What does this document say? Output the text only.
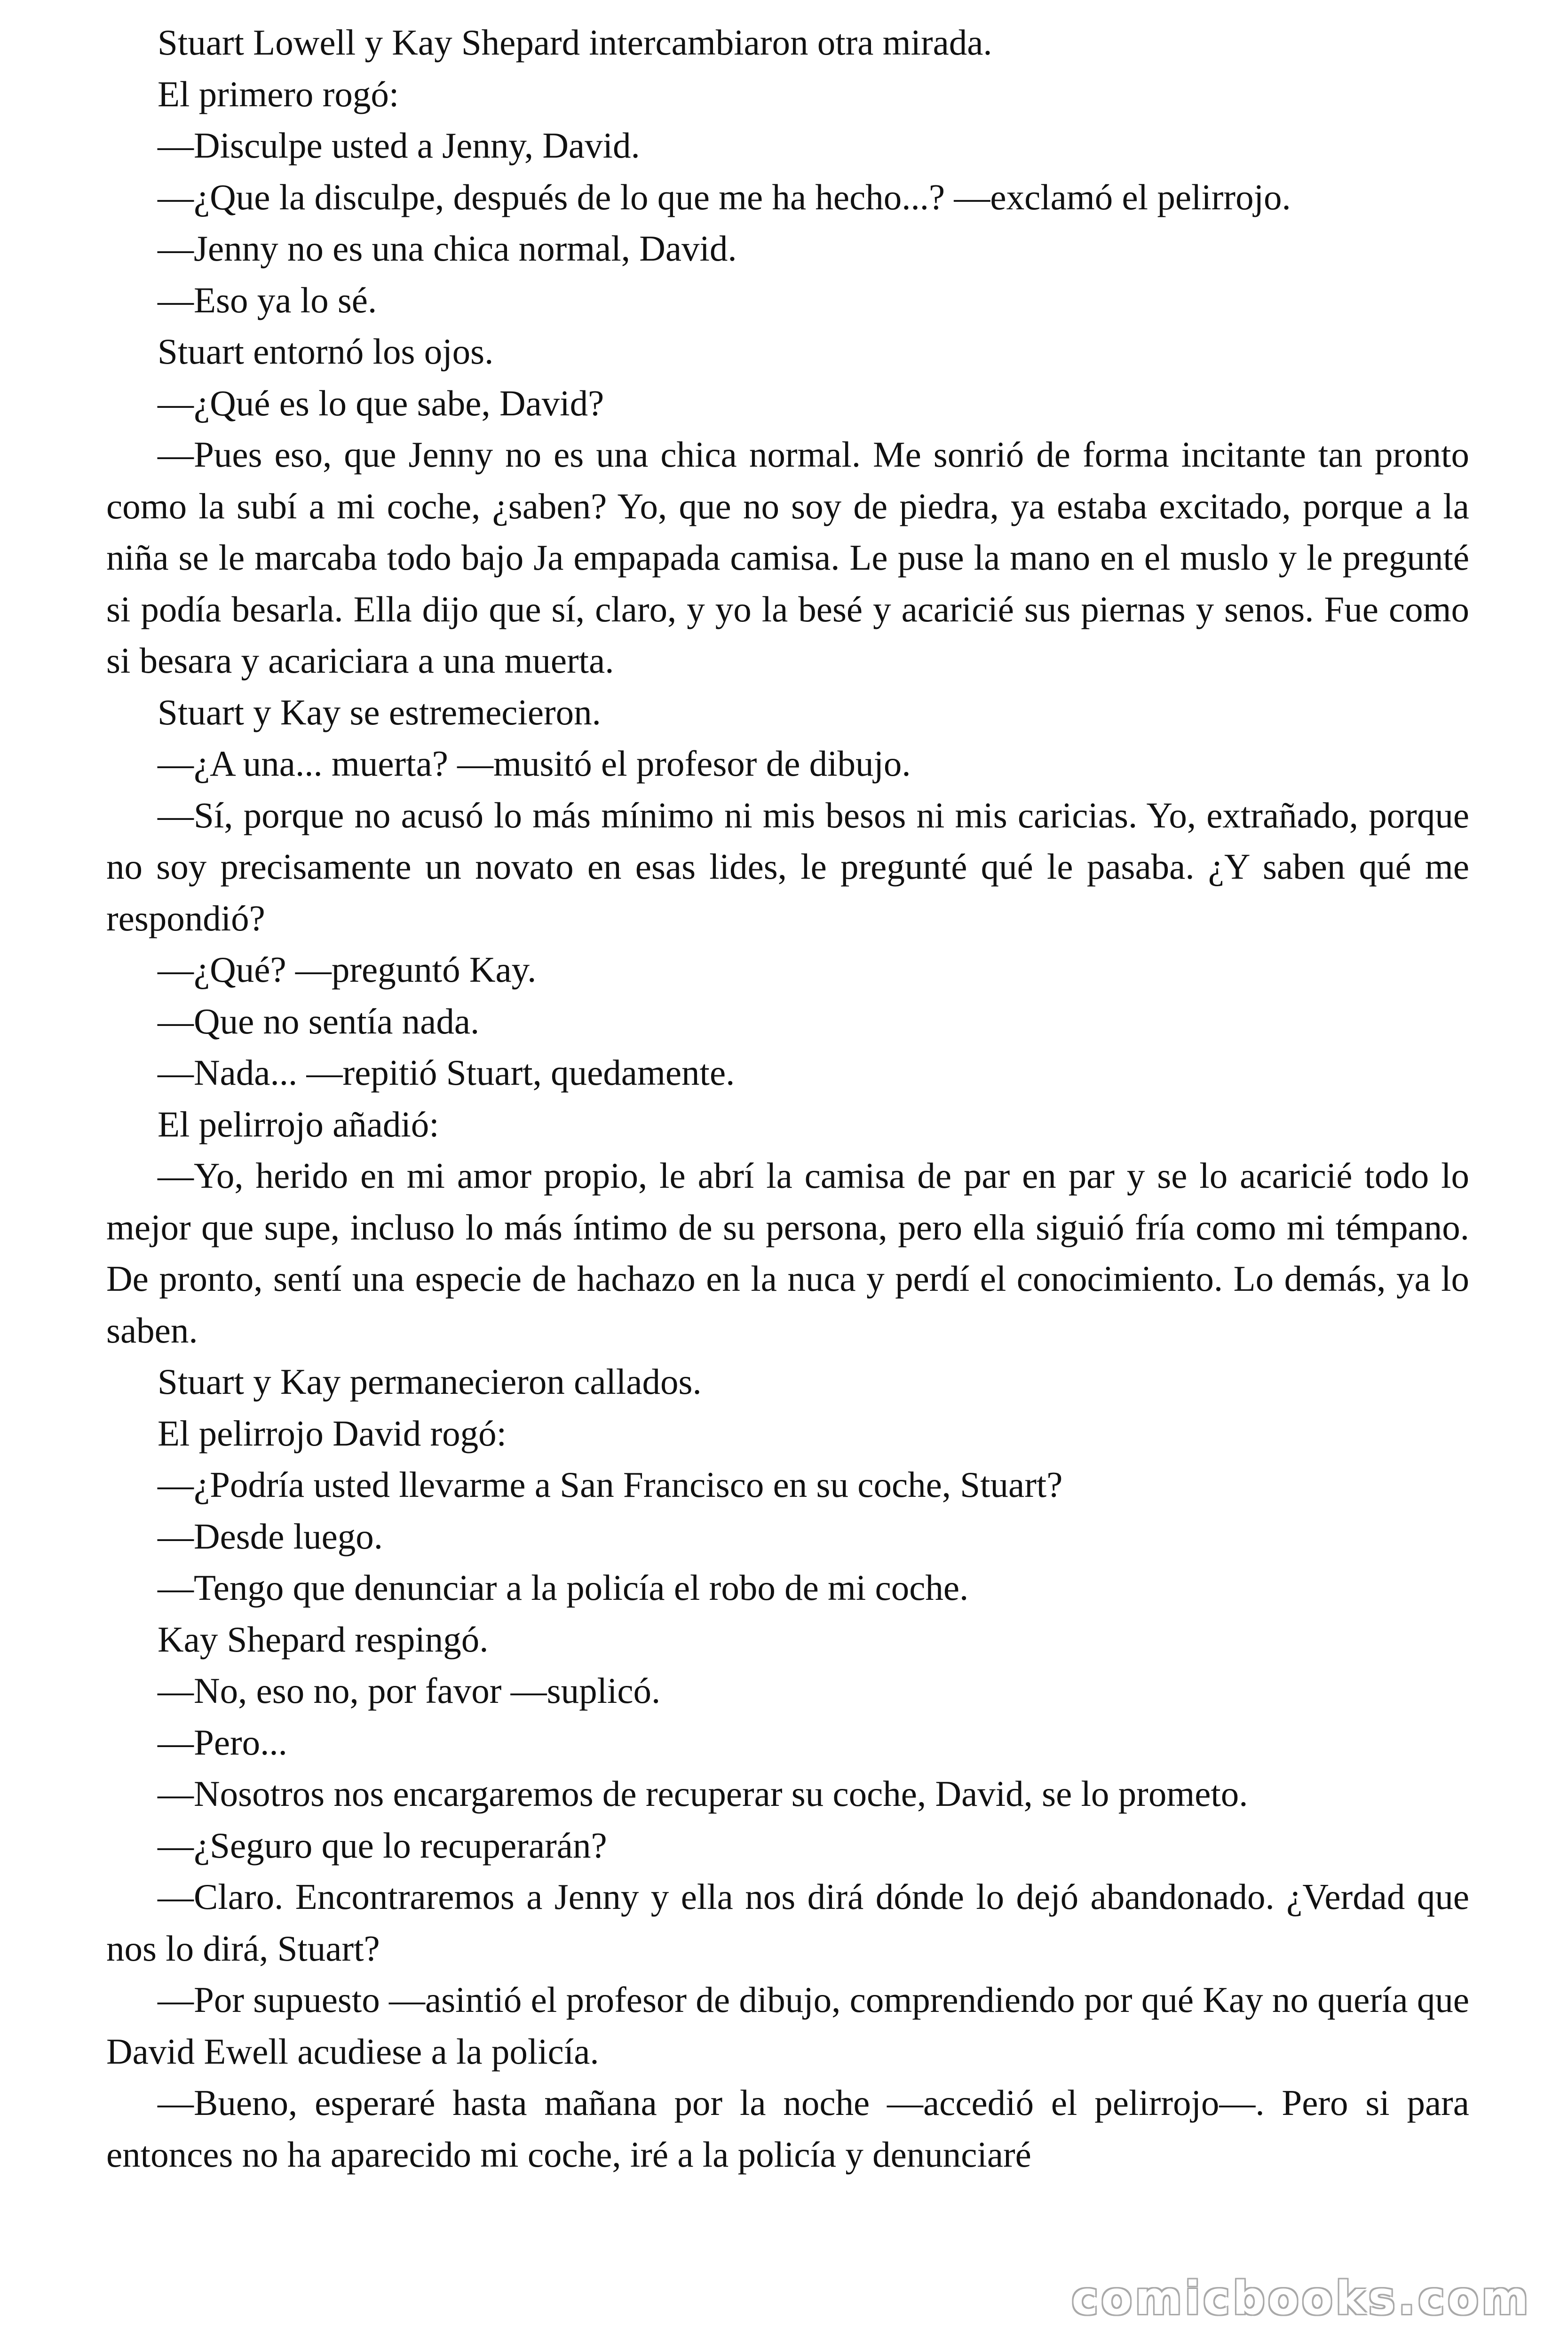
Stuart Lowell y Kay Shepard intercambiaron otra mirada.

El primero rogó:

—Disculpe usted a Jenny, David.

—¿Que la disculpe, después de lo que me ha hecho...? —exclamó el pelirrojo.

—Jenny no es una chica normal, David.

—Eso ya lo sé.

Stuart entornó los ojos.

—¿Qué es lo que sabe, David?

—Pues eso, que Jenny no es una chica normal. Me sonrió de forma incitante tan pronto como la subí a mi coche, ¿saben? Yo, que no soy de piedra, ya estaba excitado, porque a la niña se le marcaba todo bajo Ja empapada camisa. Le puse la mano en el muslo y le pregunté si podía besarla. Ella dijo que sí, claro, y yo la besé y acaricié sus piernas y senos. Fue como si besara y acariciara a una muerta.

Stuart y Kay se estremecieron.

—¿A una... muerta? —musitó el profesor de dibujo.

—Sí, porque no acusó lo más mínimo ni mis besos ni mis caricias. Yo, extrañado, porque no soy precisamente un novato en esas lides, le pregunté qué le pasaba. ¿Y saben qué me respondió?

—¿Qué? —preguntó Kay.

—Que no sentía nada.

—Nada... —repitió Stuart, quedamente.

El pelirrojo añadió:

—Yo, herido en mi amor propio, le abrí la camisa de par en par y se lo acaricié todo lo mejor que supe, incluso lo más íntimo de su persona, pero ella siguió fría como mi témpano. De pronto, sentí una especie de hachazo en la nuca y perdí el conocimiento. Lo demás, ya lo saben.

Stuart y Kay permanecieron callados.

El pelirrojo David rogó:

—¿Podría usted llevarme a San Francisco en su coche, Stuart?

—Desde luego.

—Tengo que denunciar a la policía el robo de mi coche.

Kay Shepard respingó.

—No, eso no, por favor —suplicó.

—Pero...

—Nosotros nos encargaremos de recuperar su coche, David, se lo prometo.

—¿Seguro que lo recuperarán?

—Claro. Encontraremos a Jenny y ella nos dirá dónde lo dejó abandonado. ¿Verdad que nos lo dirá, Stuart?

—Por supuesto —asintió el profesor de dibujo, comprendiendo por qué Kay no quería que David Ewell acudiese a la policía.

—Bueno, esperaré hasta mañana por la noche —accedió el pelirrojo—. Pero si para entonces no ha aparecido mi coche, iré a la policía y denunciaré

comicbooks.com
